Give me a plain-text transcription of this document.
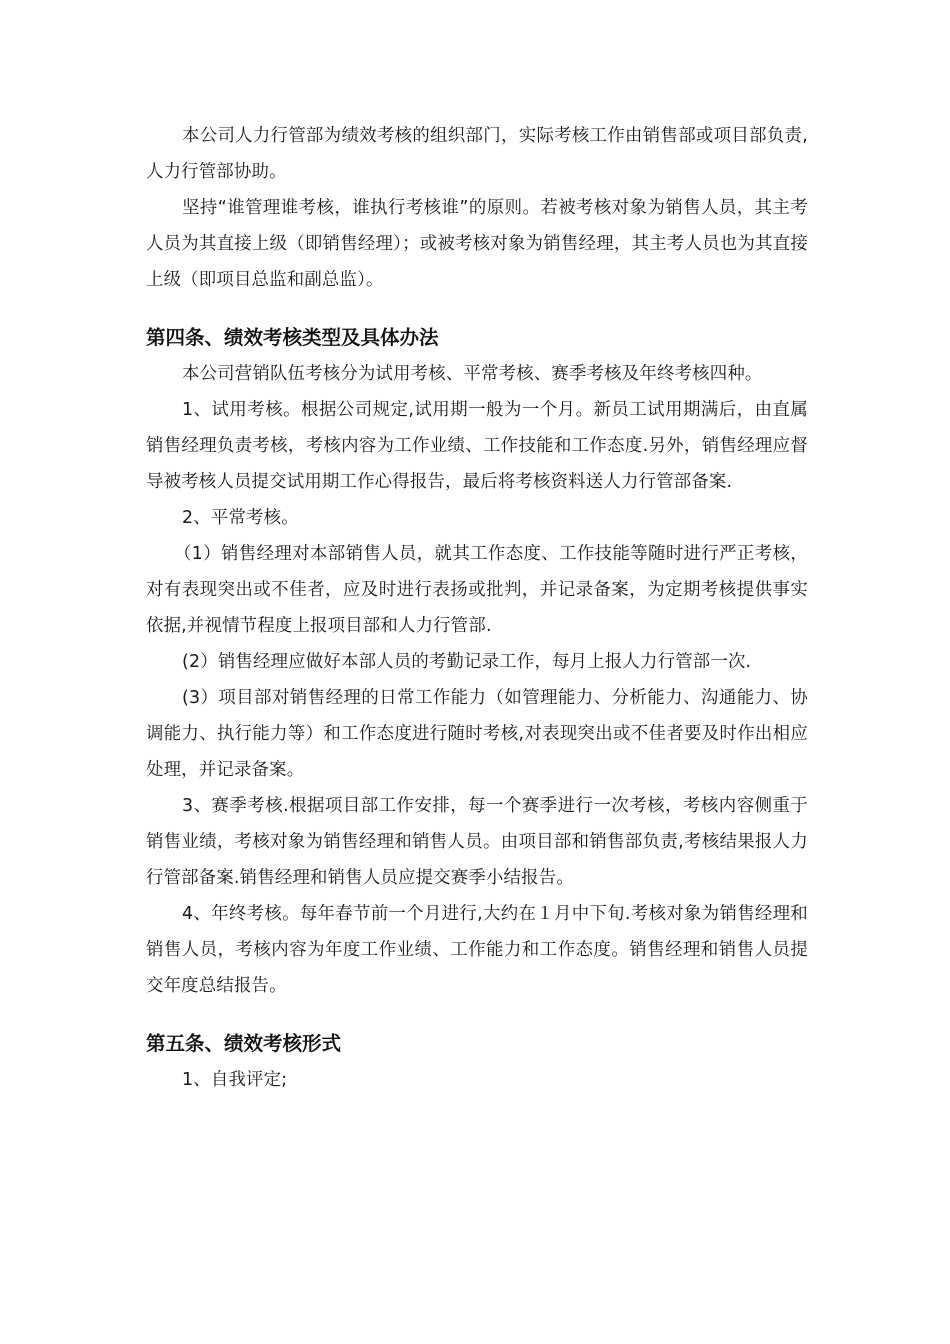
本公司人力行管部为绩效考核的组织部门，实际考核工作由销售部或项目部负责,人力行管部协助。

坚持“谁管理谁考核，谁执行考核谁”的原则。若被考核对象为销售人员，其主考人员为其直接上级（即销售经理）；或被考核对象为销售经理，其主考人员也为其直接上级（即项目总监和副总监）。

第四条、绩效考核类型及具体办法

本公司营销队伍考核分为试用考核、平常考核、赛季考核及年终考核四种。

1、试用考核。根据公司规定,试用期一般为一个月。新员工试用期满后，由直属销售经理负责考核，考核内容为工作业绩、工作技能和工作态度.另外，销售经理应督导被考核人员提交试用期工作心得报告，最后将考核资料送人力行管部备案.

2、平常考核。

（1）销售经理对本部销售人员，就其工作态度、工作技能等随时进行严正考核，对有表现突出或不佳者，应及时进行表扬或批判，并记录备案，为定期考核提供事实依据,并视情节程度上报项目部和人力行管部.

(2）销售经理应做好本部人员的考勤记录工作，每月上报人力行管部一次.

(3）项目部对销售经理的日常工作能力（如管理能力、分析能力、沟通能力、协调能力、执行能力等）和工作态度进行随时考核,对表现突出或不佳者要及时作出相应处理，并记录备案。

3、赛季考核.根据项目部工作安排，每一个赛季进行一次考核，考核内容侧重于销售业绩，考核对象为销售经理和销售人员。由项目部和销售部负责,考核结果报人力行管部备案.销售经理和销售人员应提交赛季小结报告。

4、年终考核。每年春节前一个月进行,大约在１月中下旬.考核对象为销售经理和销售人员，考核内容为年度工作业绩、工作能力和工作态度。销售经理和销售人员提交年度总结报告。

第五条、绩效考核形式

1、自我评定;
